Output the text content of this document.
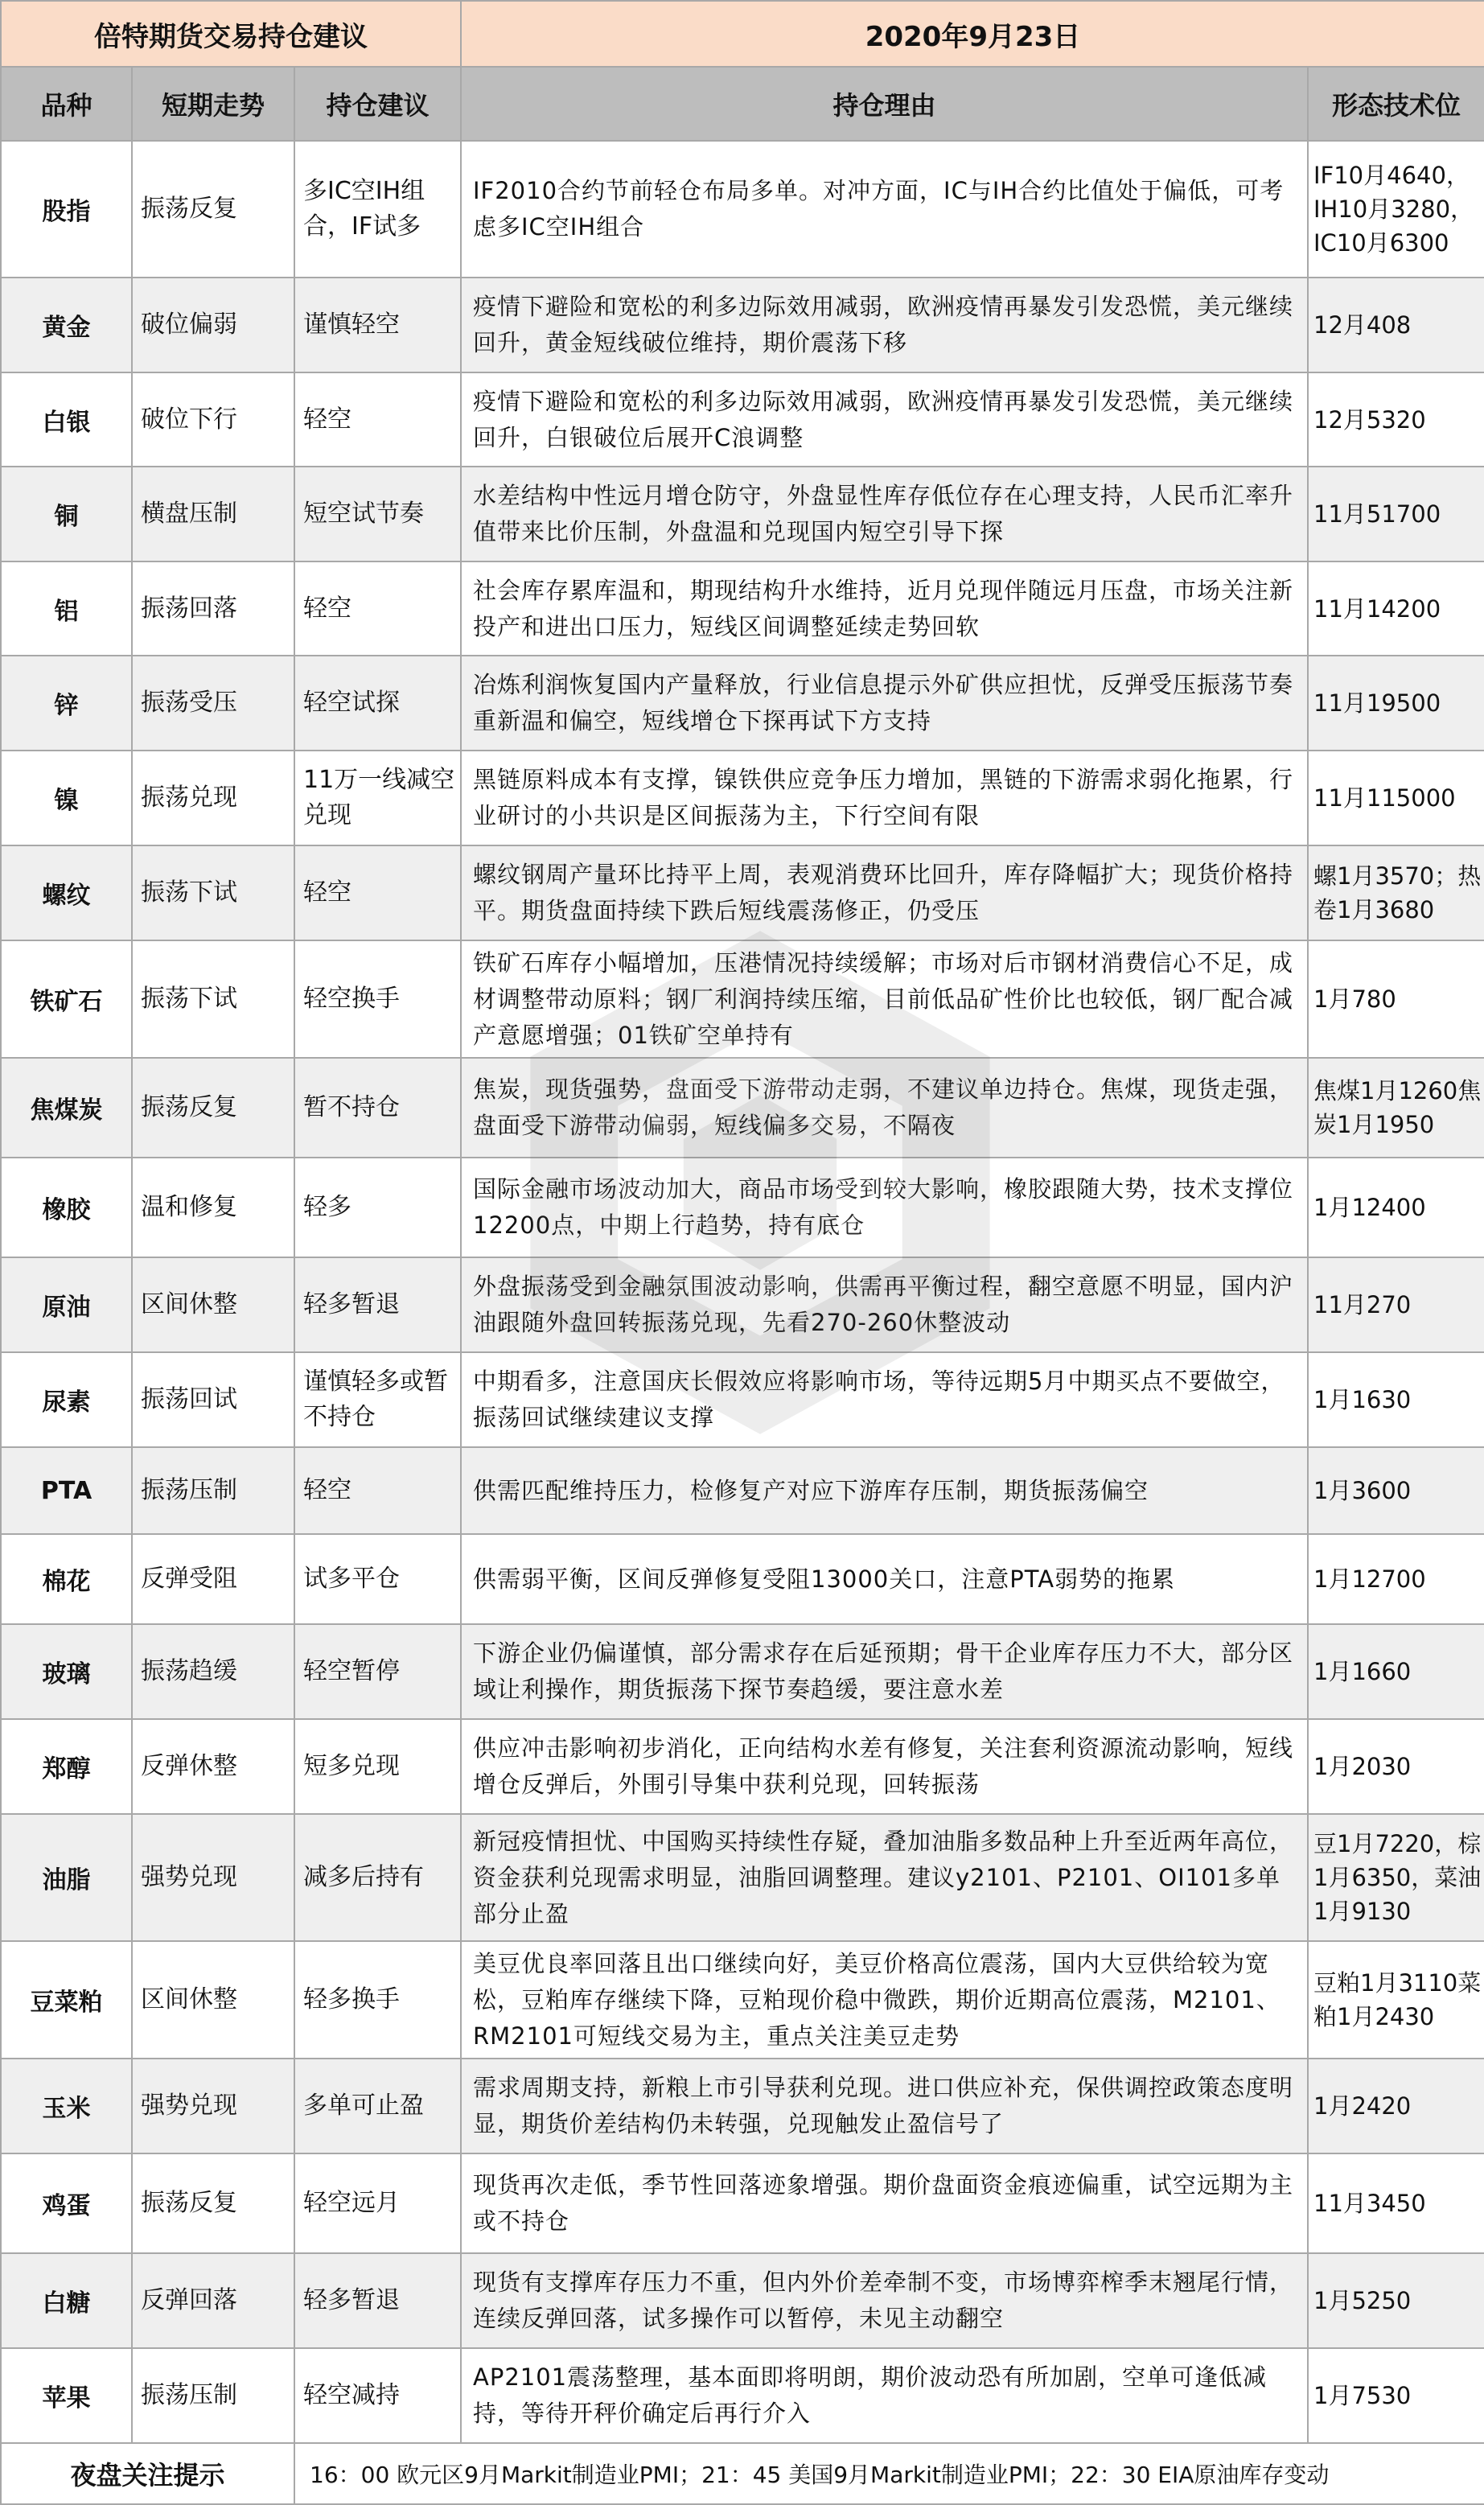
倍特期货交易持仓建议			2020年9月23日	
品种	短期走势	持仓建议	持仓理由	形态技术位
股指	振荡反复	多IC空IH组合，IF试多	IF2010合约节前轻仓布局多单。对冲方面，IC与IH合约比值处于偏低，可考虑多IC空IH组合	IF10月4640，IH10月3280，IC10月6300
黄金	破位偏弱	谨慎轻空	疫情下避险和宽松的利多边际效用减弱，欧洲疫情再暴发引发恐慌，美元继续回升，黄金短线破位维持，期价震荡下移	12月408
白银	破位下行	轻空	疫情下避险和宽松的利多边际效用减弱，欧洲疫情再暴发引发恐慌，美元继续回升，白银破位后展开C浪调整	12月5320
铜	横盘压制	短空试节奏	水差结构中性远月增仓防守，外盘显性库存低位存在心理支持，人民币汇率升值带来比价压制，外盘温和兑现国内短空引导下探	11月51700
铝	振荡回落	轻空	社会库存累库温和，期现结构升水维持，近月兑现伴随远月压盘，市场关注新投产和进出口压力，短线区间调整延续走势回软	11月14200
锌	振荡受压	轻空试探	冶炼利润恢复国内产量释放，行业信息提示外矿供应担忧，反弹受压振荡节奏重新温和偏空，短线增仓下探再试下方支持	11月19500
镍	振荡兑现	11万一线减空兑现	黑链原料成本有支撑，镍铁供应竞争压力增加，黑链的下游需求弱化拖累，行业研讨的小共识是区间振荡为主，下行空间有限	11月115000
螺纹	振荡下试	轻空	螺纹钢周产量环比持平上周，表观消费环比回升，库存降幅扩大；现货价格持平。期货盘面持续下跌后短线震荡修正，仍受压	螺1月3570；热卷1月3680
铁矿石	振荡下试	轻空换手	铁矿石库存小幅增加，压港情况持续缓解；市场对后市钢材消费信心不足，成材调整带动原料；钢厂利润持续压缩，目前低品矿性价比也较低，钢厂配合减产意愿增强；01铁矿空单持有	1月780
焦煤炭	振荡反复	暂不持仓	焦炭，现货强势，盘面受下游带动走弱，不建议单边持仓。焦煤，现货走强，盘面受下游带动偏弱，短线偏多交易，不隔夜	焦煤1月1260焦炭1月1950
橡胶	温和修复	轻多	国际金融市场波动加大，商品市场受到较大影响，橡胶跟随大势，技术支撑位12200点，中期上行趋势，持有底仓	1月12400
原油	区间休整	轻多暂退	外盘振荡受到金融氛围波动影响，供需再平衡过程，翻空意愿不明显，国内沪油跟随外盘回转振荡兑现，先看270-260休整波动	11月270
尿素	振荡回试	谨慎轻多或暂不持仓	中期看多，注意国庆长假效应将影响市场，等待远期5月中期买点不要做空，振荡回试继续建议支撑	1月1630
PTA	振荡压制	轻空	供需匹配维持压力，检修复产对应下游库存压制，期货振荡偏空	1月3600
棉花	反弹受阻	试多平仓	供需弱平衡，区间反弹修复受阻13000关口，注意PTA弱势的拖累	1月12700
玻璃	振荡趋缓	轻空暂停	下游企业仍偏谨慎，部分需求存在后延预期；骨干企业库存压力不大，部分区域让利操作，期货振荡下探节奏趋缓，要注意水差	1月1660
郑醇	反弹休整	短多兑现	供应冲击影响初步消化，正向结构水差有修复，关注套利资源流动影响，短线增仓反弹后，外围引导集中获利兑现，回转振荡	1月2030
油脂	强势兑现	减多后持有	新冠疫情担忧、中国购买持续性存疑，叠加油脂多数品种上升至近两年高位，资金获利兑现需求明显，油脂回调整理。建议y2101、P2101、OI101多单部分止盈	豆1月7220，棕1月6350，菜油1月9130
豆菜粕	区间休整	轻多换手	美豆优良率回落且出口继续向好，美豆价格高位震荡，国内大豆供给较为宽松，豆粕库存继续下降，豆粕现价稳中微跌，期价近期高位震荡，M2101、RM2101可短线交易为主，重点关注美豆走势	豆粕1月3110菜粕1月2430
玉米	强势兑现	多单可止盈	需求周期支持，新粮上市引导获利兑现。进口供应补充，保供调控政策态度明显，期货价差结构仍未转强，兑现触发止盈信号了	1月2420
鸡蛋	振荡反复	轻空远月	现货再次走低，季节性回落迹象增强。期价盘面资金痕迹偏重，试空远期为主或不持仓	11月3450
白糖	反弹回落	轻多暂退	现货有支撑库存压力不重，但内外价差牵制不变，市场博弈榨季末翘尾行情，连续反弹回落，试多操作可以暂停，未见主动翻空	1月5250
苹果	振荡压制	轻空减持	AP2101震荡整理，基本面即将明朗，期价波动恐有所加剧，空单可逢低减持，等待开秤价确定后再行介入	1月7530
夜盘关注提示		16：00 欧元区9月Markit制造业PMI；21：45 美国9月Markit制造业PMI；22：30 EIA原油库存变动		
